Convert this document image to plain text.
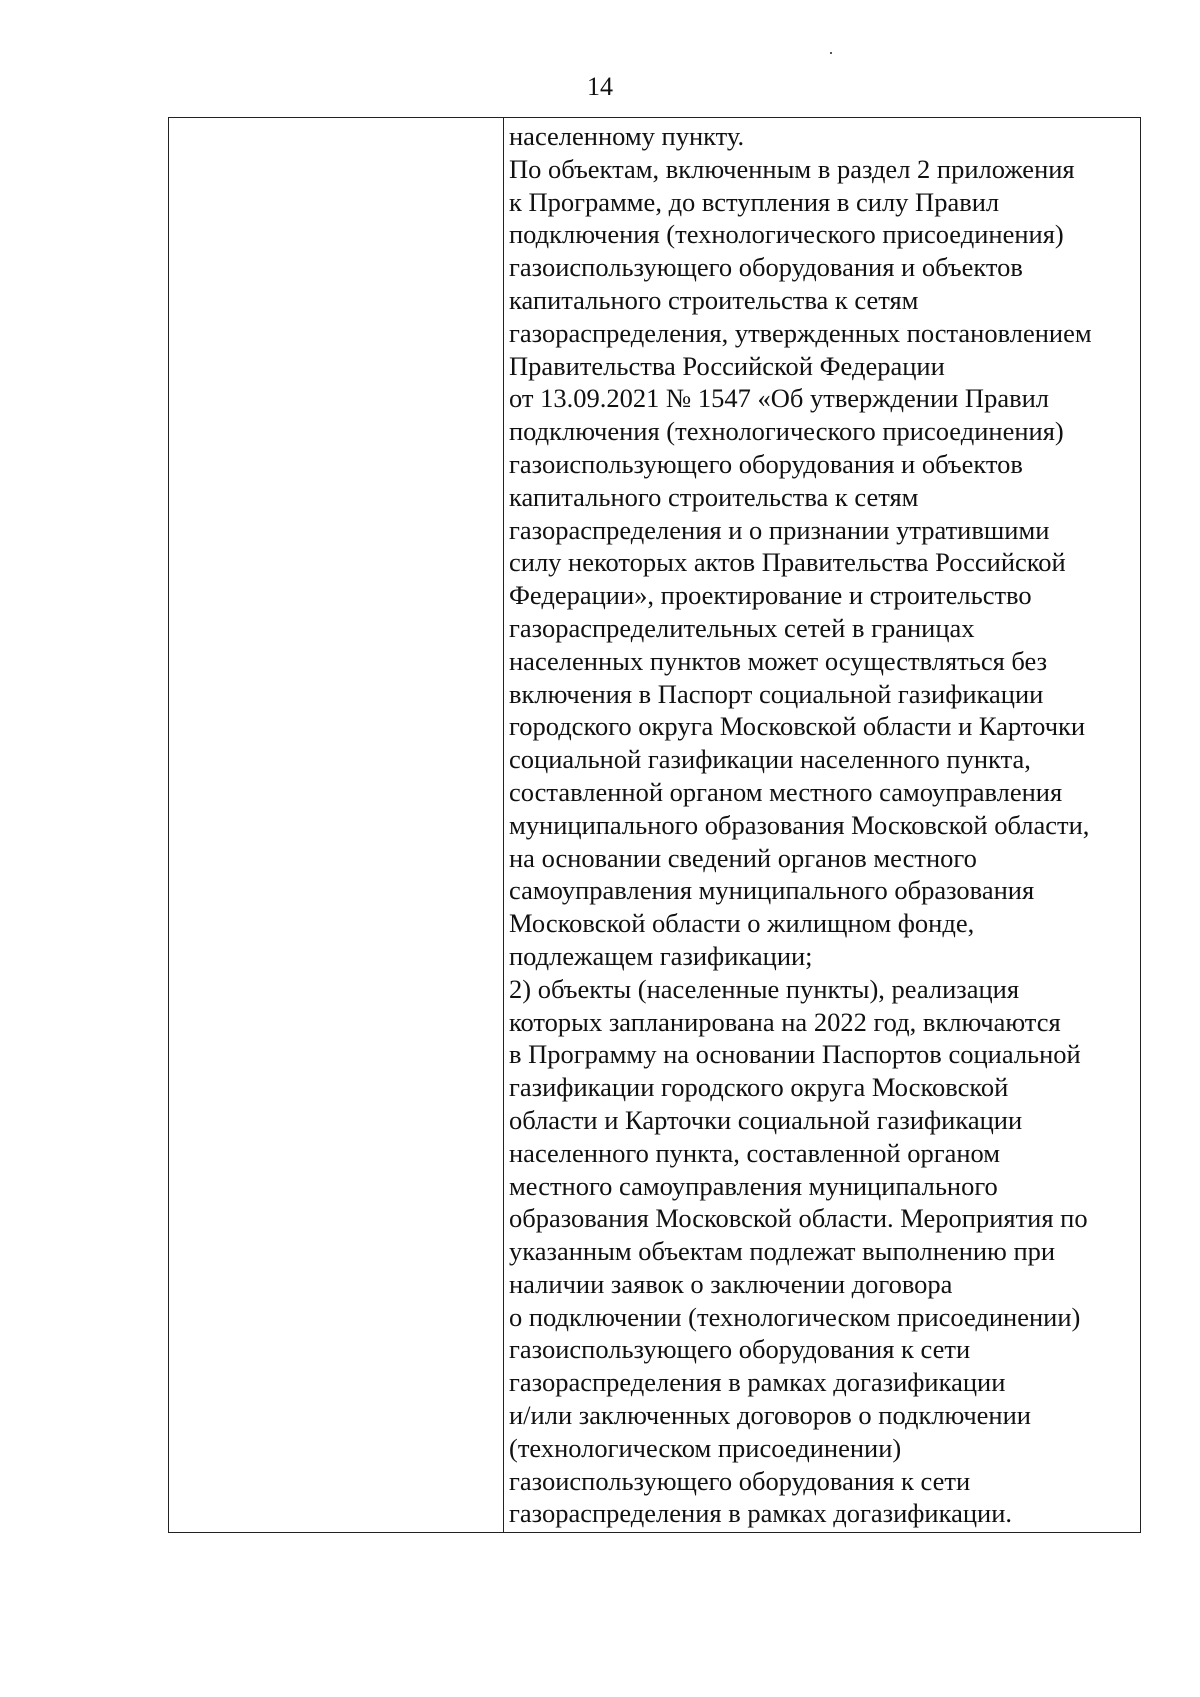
14
населенному пункту.
По объектам, включенным в раздел 2 приложения
к Программе, до вступления в силу Правил
подключения (технологического присоединения)
газоиспользующего оборудования и объектов
капитального строительства к сетям
газораспределения, утвержденных постановлением
Правительства Российской Федерации
от 13.09.2021 № 1547 «Об утверждении Правил
подключения (технологического присоединения)
газоиспользующего оборудования и объектов
капитального строительства к сетям
газораспределения и о признании утратившими
силу некоторых актов Правительства Российской
Федерации», проектирование и строительство
газораспределительных сетей в границах
населенных пунктов может осуществляться без
включения в Паспорт социальной газификации
городского округа Московской области и Карточки
социальной газификации населенного пункта,
составленной органом местного самоуправления
муниципального образования Московской области,
на основании сведений органов местного
самоуправления муниципального образования
Московской области о жилищном фонде,
подлежащем газификации;
2) объекты (населенные пункты), реализация
которых запланирована на 2022 год, включаются
в Программу на основании Паспортов социальной
газификации городского округа Московской
области и Карточки социальной газификации
населенного пункта, составленной органом
местного самоуправления муниципального
образования Московской области. Мероприятия по
указанным объектам подлежат выполнению при
наличии заявок о заключении договора
о подключении (технологическом присоединении)
газоиспользующего оборудования к сети
газораспределения в рамках догазификации
и/или заключенных договоров о подключении
(технологическом присоединении)
газоиспользующего оборудования к сети
газораспределения в рамках догазификации.
